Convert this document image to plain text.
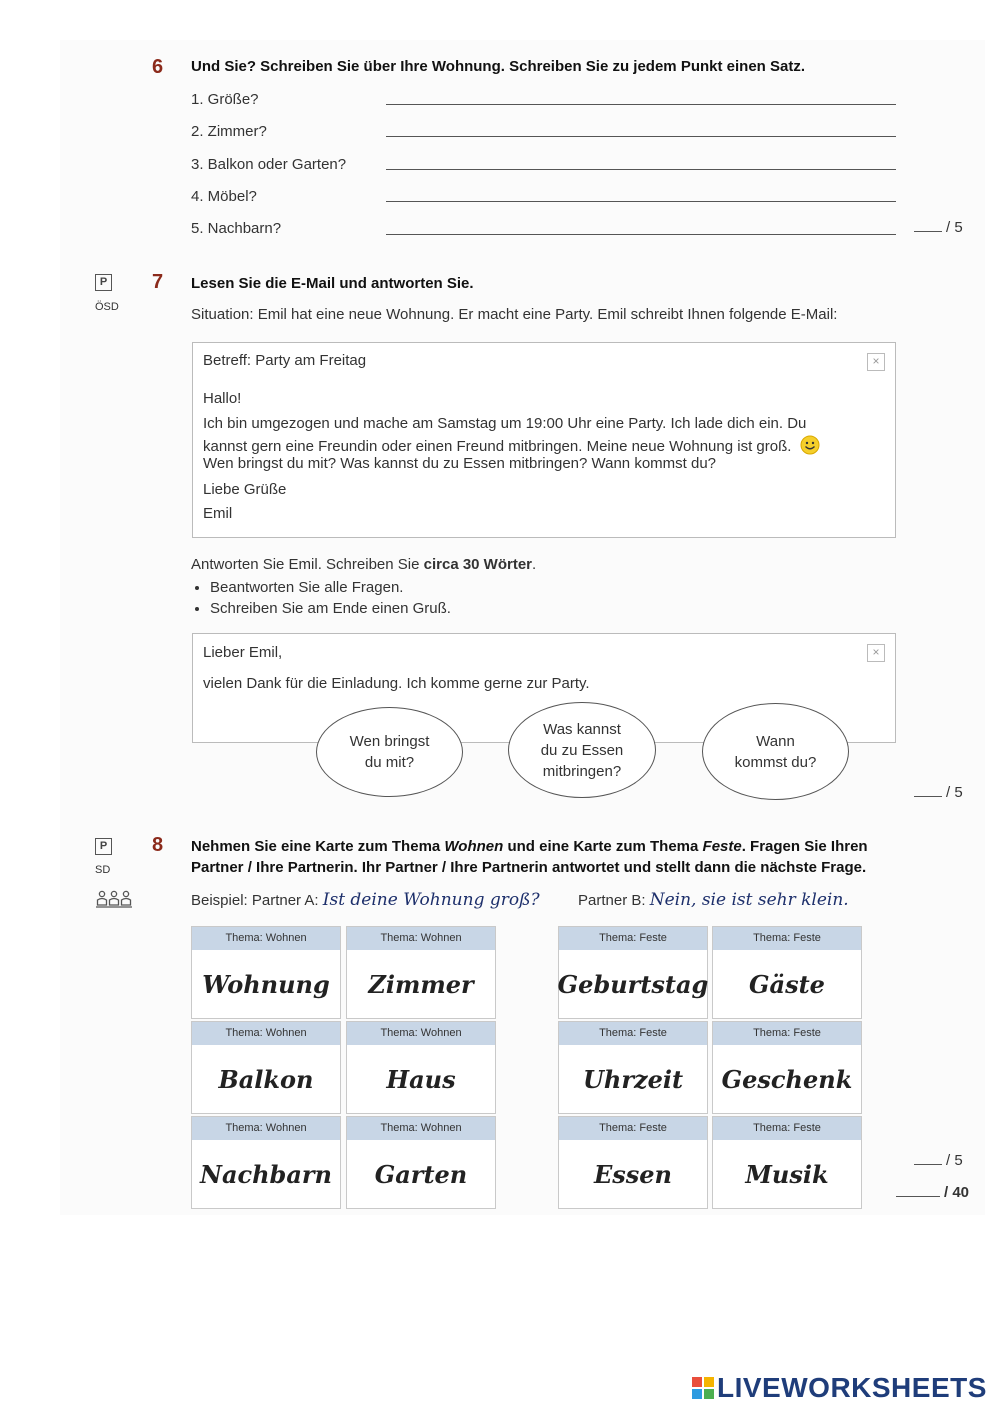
6 Und Sie? Schreiben Sie über Ihre Wohnung. Schreiben Sie zu jedem Punkt einen Satz.
1. Größe?
2. Zimmer?
3. Balkon oder Garten?
4. Möbel?
5. Nachbarn?	/ 5
P
ÖSD
7 Lesen Sie die E-Mail und antworten Sie.
Situation: Emil hat eine neue Wohnung. Er macht eine Party. Emil schreibt Ihnen folgende E-Mail:
Betreff: Party am Freitag	×
Hallo!
Ich bin umgezogen und mache am Samstag um 19:00 Uhr eine Party. Ich lade dich ein. Du
kannst gern eine Freundin oder einen Freund mitbringen. Meine neue Wohnung ist groß.
Wen bringst du mit? Was kannst du zu Essen mitbringen? Wann kommst du?
Liebe Grüße
Emil
Antworten Sie Emil. Schreiben Sie circa 30 Wörter.
• Beantworten Sie alle Fragen.
• Schreiben Sie am Ende einen Gruß.
Lieber Emil,	×
vielen Dank für die Einladung. Ich komme gerne zur Party.
Wen bringst
du mit?
Was kannst
du zu Essen
mitbringen?
Wann
kommst du?
/ 5
P
SD
8 Nehmen Sie eine Karte zum Thema Wohnen und eine Karte zum Thema Feste. Fragen Sie Ihren
Partner / Ihre Partnerin. Ihr Partner / Ihre Partnerin antwortet und stellt dann die nächste Frage.
Beispiel: Partner A: Ist deine Wohnung groß?	Partner B: Nein, sie ist sehr klein.
Thema: Wohnen
Wohnung
Thema: Wohnen
Zimmer
Thema: Wohnen
Balkon
Thema: Wohnen
Haus
Thema: Wohnen
Nachbarn
Thema: Wohnen
Garten
Thema: Feste
Geburtstag
Thema: Feste
Gäste
Thema: Feste
Uhrzeit
Thema: Feste
Geschenk
Thema: Feste
Essen
Thema: Feste
Musik	/ 5
/ 40
LIVEWORKSHEETS
